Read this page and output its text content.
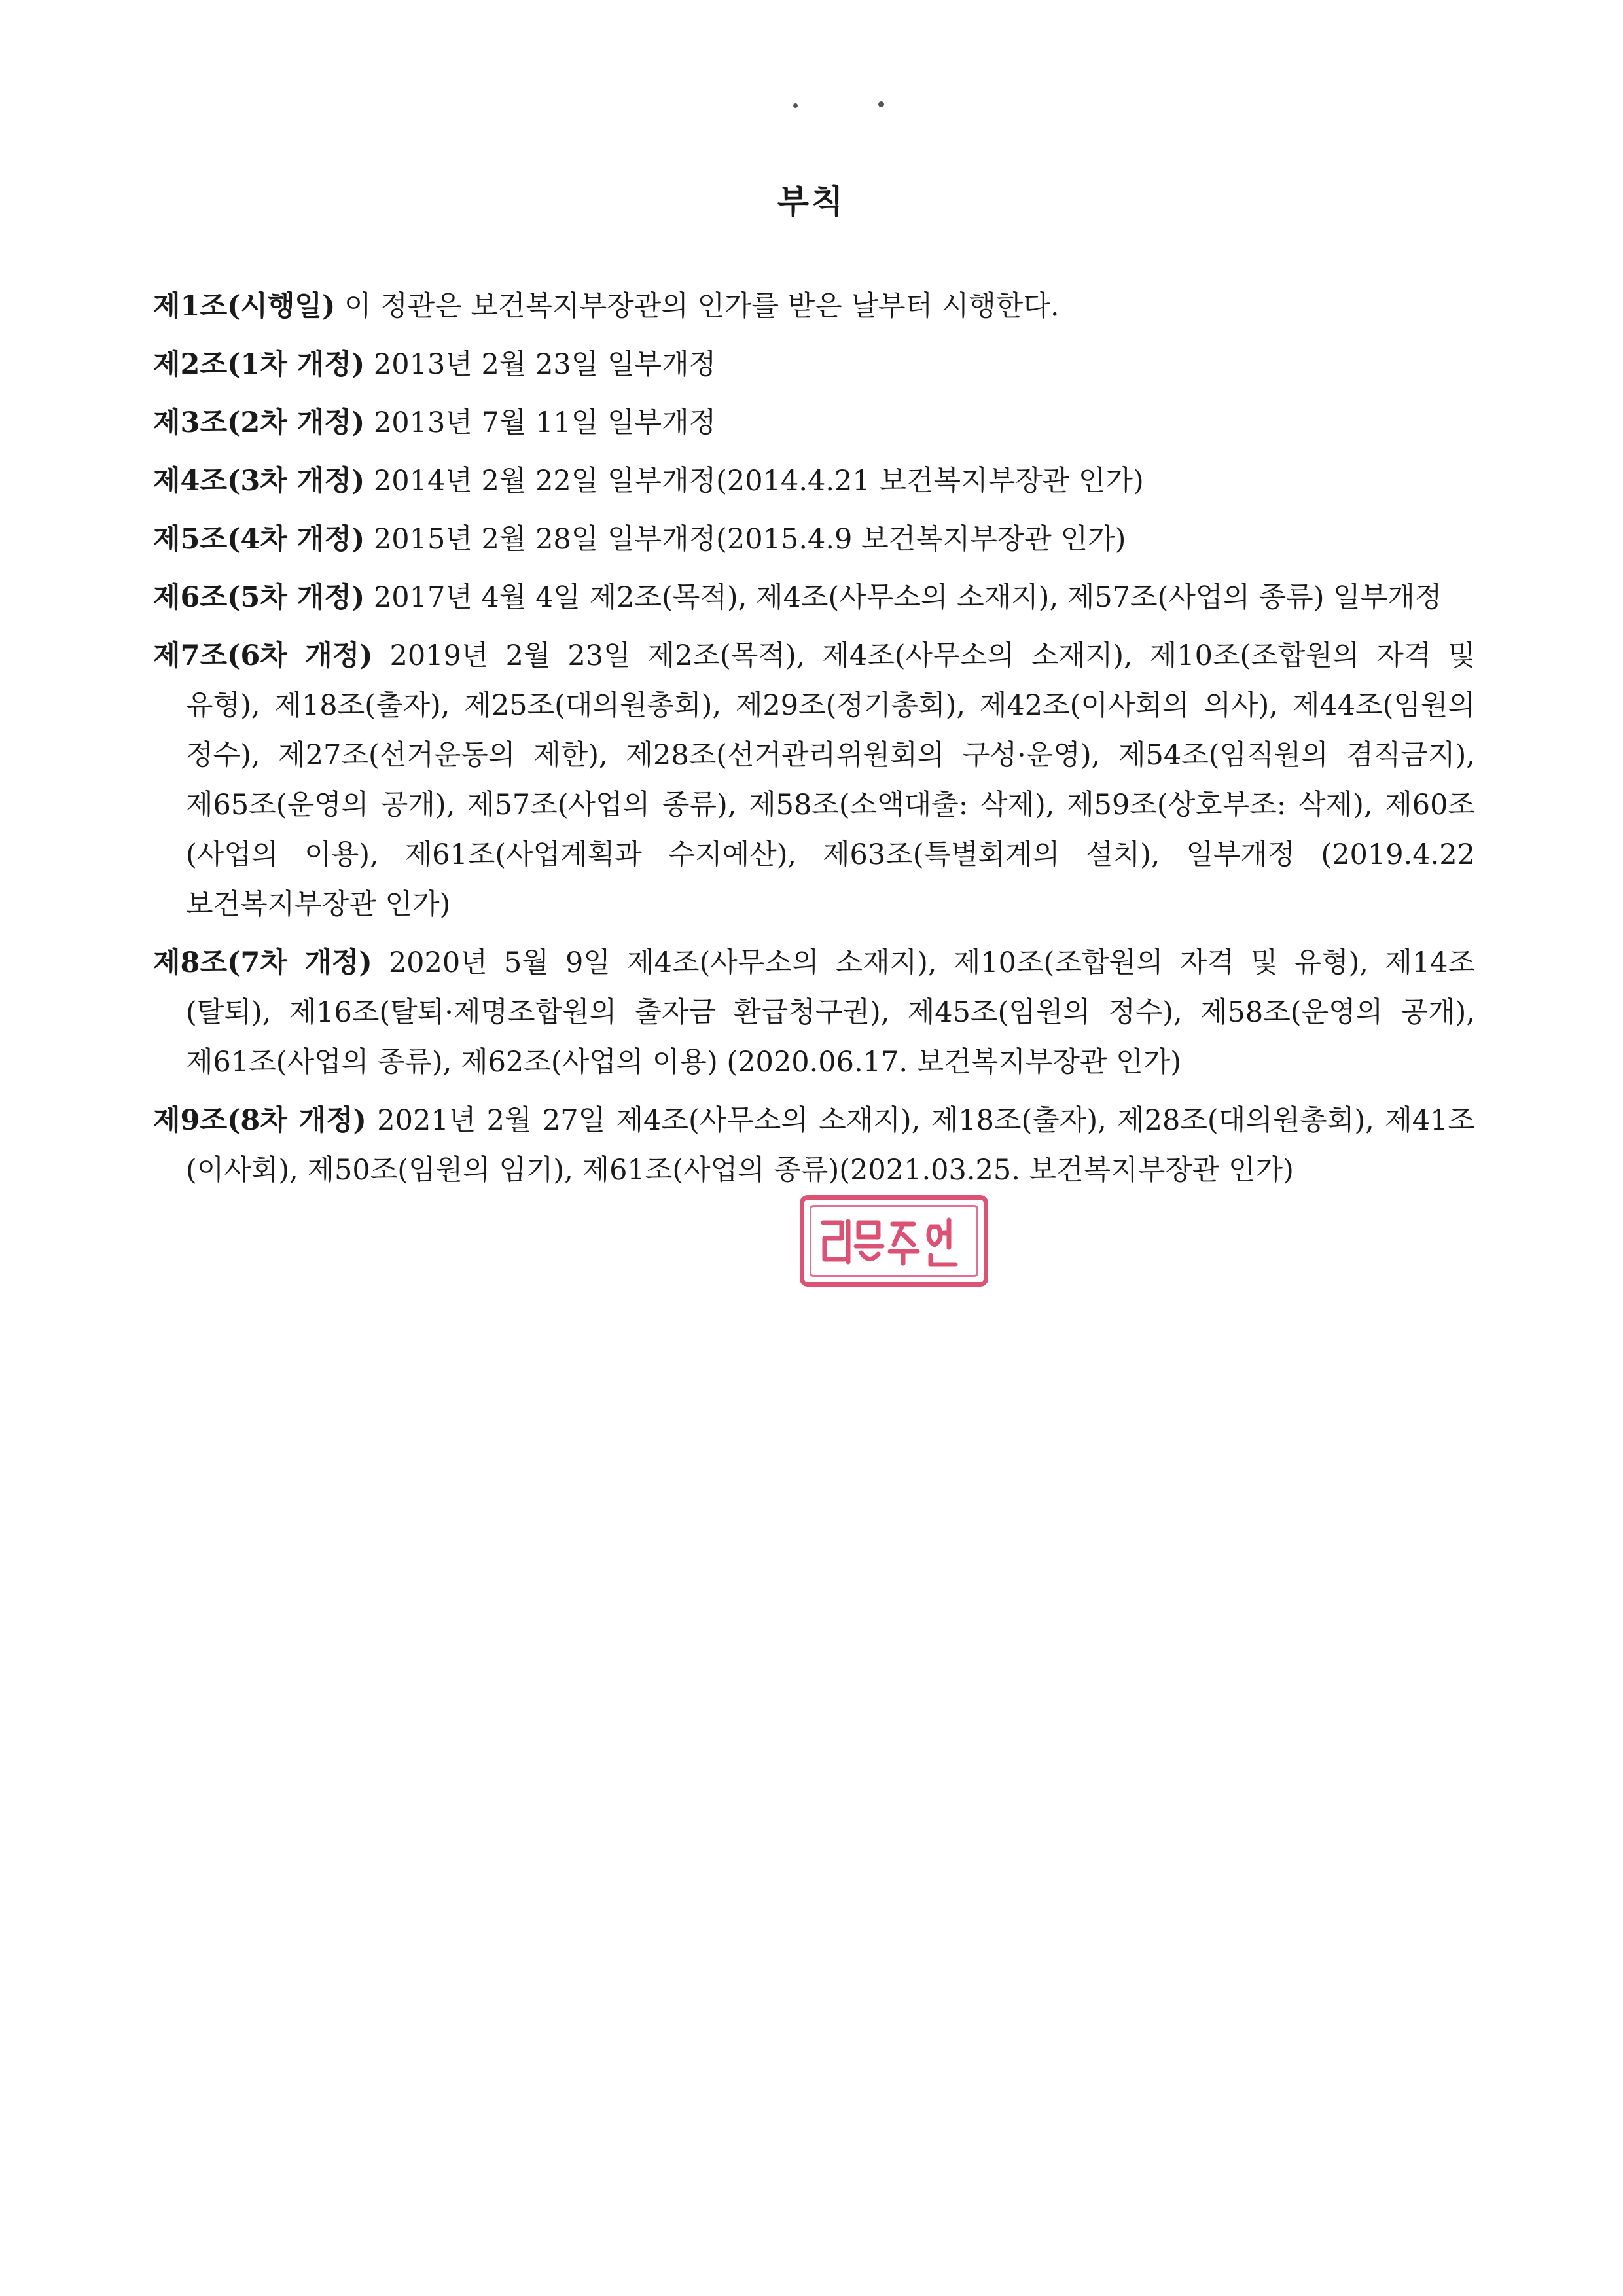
부칙
제1조(시행일) 이 정관은 보건복지부장관의 인가를 받은 날부터 시행한다.
제2조(1차 개정) 2013년 2월 23일 일부개정
제3조(2차 개정) 2013년 7월 11일 일부개정
제4조(3차 개정) 2014년 2월 22일 일부개정(2014.4.21 보건복지부장관 인가)
제5조(4차 개정) 2015년 2월 28일 일부개정(2015.4.9 보건복지부장관 인가)
제6조(5차 개정) 2017년 4월 4일 제2조(목적), 제4조(사무소의 소재지), 제57조(사업의 종류) 일부개정
제7조(6차 개정) 2019년 2월 23일 제2조(목적), 제4조(사무소의 소재지), 제10조(조합원의 자격 및 유형), 제18조(출자), 제25조(대의원총회), 제29조(정기총회), 제42조(이사회의 의사), 제44조(임원의 정수), 제27조(선거운동의 제한), 제28조(선거관리위원회의 구성·운영), 제54조(임직원의 겸직금지), 제65조(운영의 공개), 제57조(사업의 종류), 제58조(소액대출: 삭제), 제59조(상호부조: 삭제), 제60조(사업의 이용), 제61조(사업계획과 수지예산), 제63조(특별회계의 설치), 일부개정 (2019.4.22 보건복지부장관 인가)
제8조(7차 개정) 2020년 5월 9일 제4조(사무소의 소재지), 제10조(조합원의 자격 및 유형), 제14조(탈퇴), 제16조(탈퇴·제명조합원의 출자금 환급청구권), 제45조(임원의 정수), 제58조(운영의 공개), 제61조(사업의 종류), 제62조(사업의 이용) (2020.06.17. 보건복지부장관 인가)
제9조(8차 개정) 2021년 2월 27일 제4조(사무소의 소재지), 제18조(출자), 제28조(대의원총회), 제41조(이사회), 제50조(임원의 임기), 제61조(사업의 종류)(2021.03.25. 보건복지부장관 인가)
